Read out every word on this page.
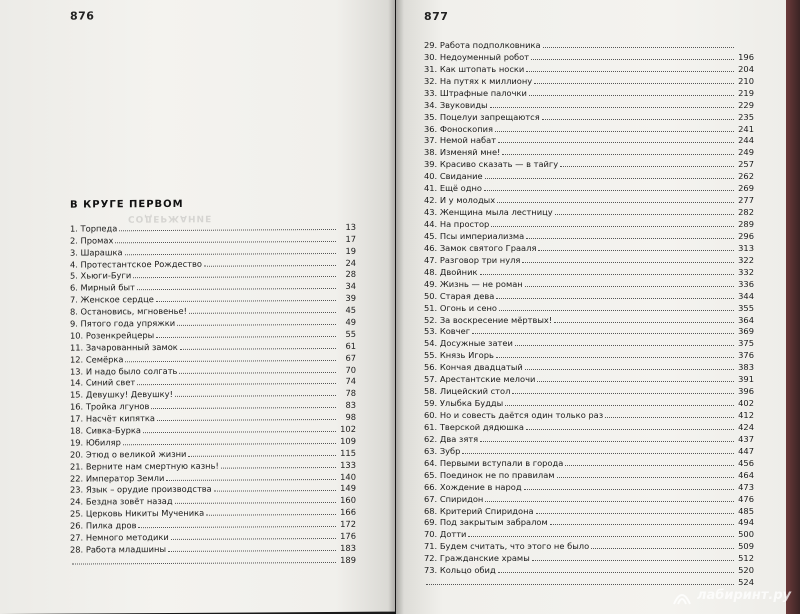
876
СОДЕРЖАНИЕ
В КРУГЕ ПЕРВОМ
1. Торпеда	13
2. Промах	17
3. Шарашка	19
4. Протестантское Рождество	24
5. Хьюги-Буги	28
6. Мирный быт	34
7. Женское сердце	39
8. Остановись, мгновенье!	45
9. Пятого года упряжки	49
10. Розенкрейцеры	55
11. Зачарованный замок	61
12. Семёрка	67
13. И надо было солгать	70
14. Синий свет	74
15. Девушку! Девушку!	78
16. Тройка лгунов	83
17. Насчёт кипятка	98
18. Сивка-Бурка	102
19. Юбиляр	109
20. Этюд о великой жизни	115
21. Верните нам смертную казнь!	133
22. Император Земли	140
23. Язык – орудие производства	149
24. Бездна зовёт назад	160
25. Церковь Никиты Мученика	166
26. Пилка дров	172
27. Немного методики	176
28. Работа младшины	183
189
877
29. Работа подполковника
30. Недоуменный робот	196
31. Как штопать носки	204
32. На путях к миллиону	210
33. Штрафные палочки	219
34. Звуковиды	229
35. Поцелуи запрещаются	235
36. Фоноскопия	241
37. Немой набат	244
38. Изменяй мне!	249
39. Красиво сказать — в тайгу	257
40. Свидание	262
41. Ещё одно	269
42. И у молодых	277
43. Женщина мыла лестницу	282
44. На простор	289
45. Псы империализма	296
46. Замок святого Грааля	313
47. Разговор три нуля	322
48. Двойник	332
49. Жизнь — не роман	336
50. Старая дева	344
51. Огонь и сено	355
52. За воскресение мёртвых!	364
53. Ковчег	369
54. Досужные затеи	375
55. Князь Игорь	376
56. Кончая двадцатый	383
57. Арестантские мелочи	391
58. Лицейский стол	396
59. Улыбка Будды	402
60. Но и совесть даётся один только раз	412
61. Тверской дядюшка	424
62. Два зятя	437
63. Зубр	447
64. Первыми вступали в города	456
65. Поединок не по правилам	464
66. Хождение в народ	473
67. Спиридон	476
68. Критерий Спиридона	485
69. Под закрытым забралом	494
70. Дотти	500
71. Будем считать, что этого не было	509
72. Гражданские храмы	512
73. Кольцо обид	520
524
лабиринт.ру
